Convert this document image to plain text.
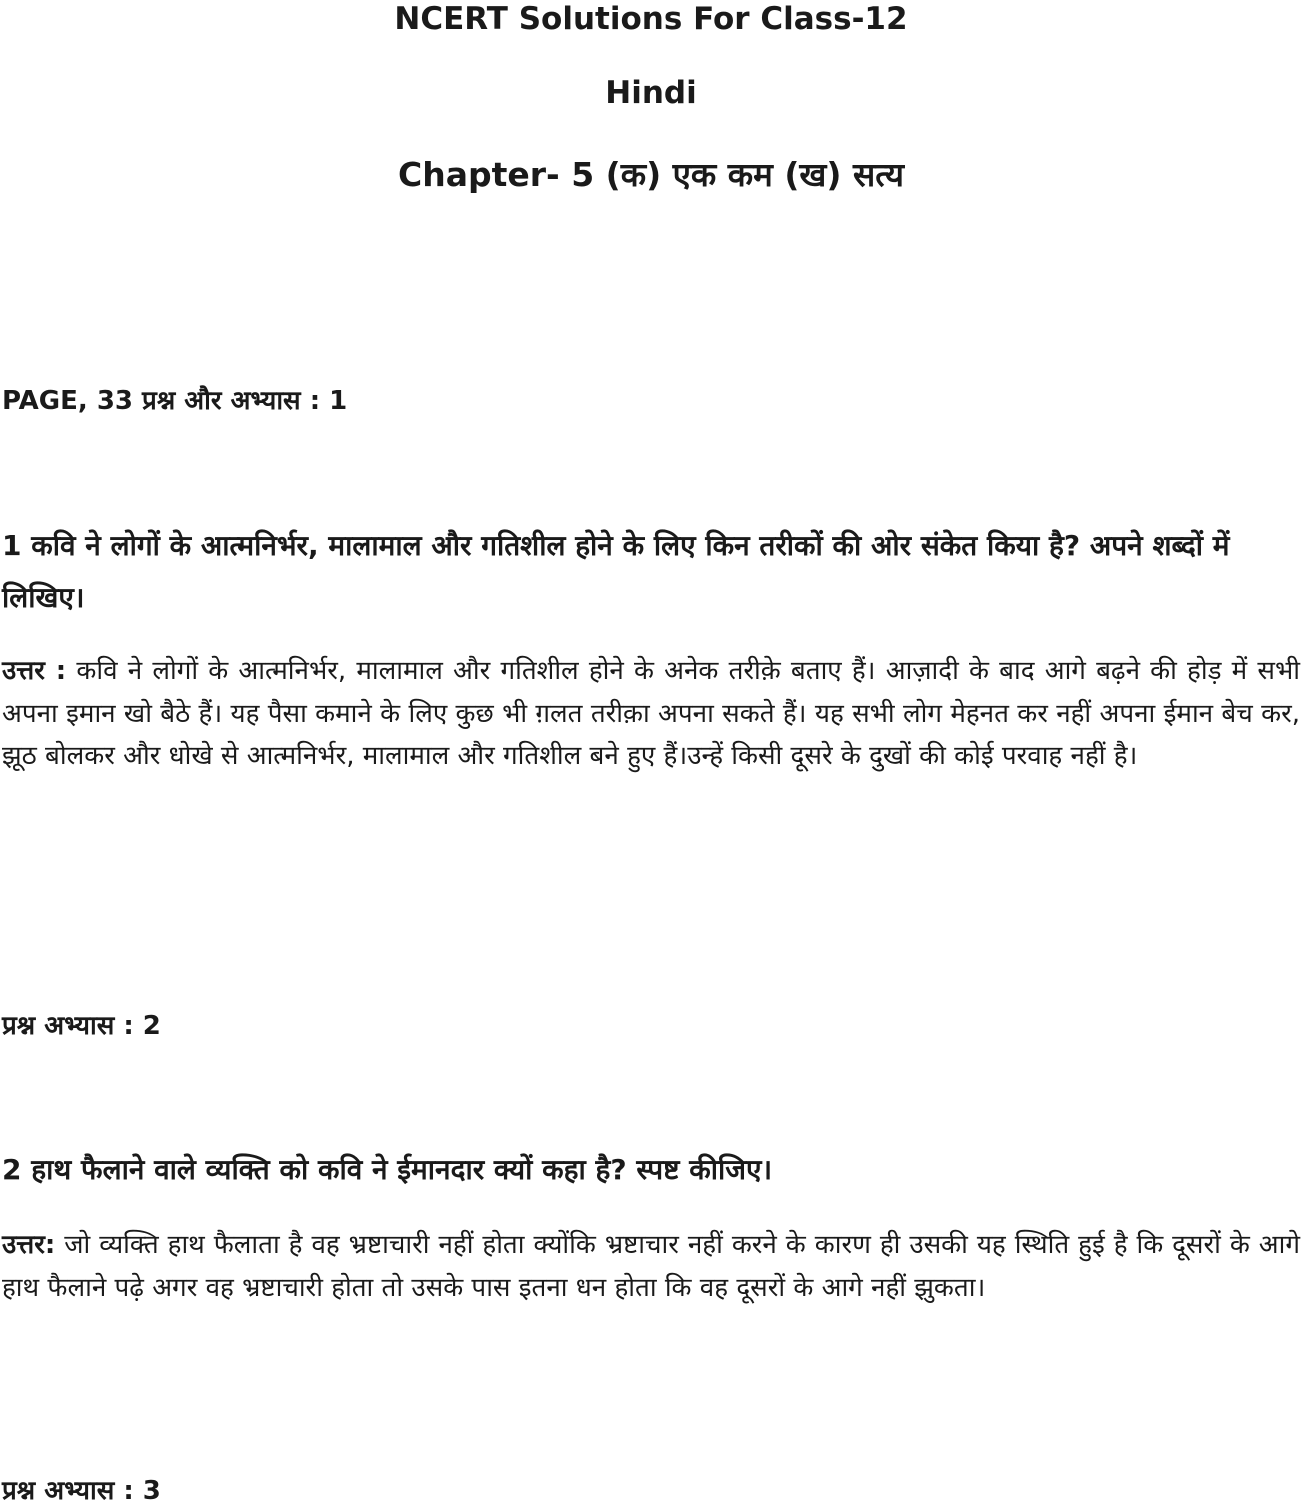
NCERT Solutions For Class-12
Hindi
Chapter- 5 (क) एक कम (ख) सत्य
PAGE, 33 प्रश्न और अभ्यास : 1
1 कवि ने लोगों के आत्मनिर्भर, मालामाल और गतिशील होने के लिए किन तरीकों की ओर संकेत किया है? अपने शब्दों में लिखिए।
उत्तर : कवि ने लोगों के आत्मनिर्भर, मालामाल और गतिशील होने के अनेक तरीक़े बताए हैं। आज़ादी के बाद आगे बढ़ने की होड़ में सभी अपना इमान खो बैठे हैं। यह पैसा कमाने के लिए कुछ भी ग़लत तरीक़ा अपना सकते हैं। यह सभी लोग मेहनत कर नहीं अपना ईमान बेच कर, झूठ बोलकर और धोखे से आत्मनिर्भर, मालामाल और गतिशील बने हुए हैं।उन्हें किसी दूसरे के दुखों की कोई परवाह नहीं है।
प्रश्न अभ्यास : 2
2 हाथ फैलाने वाले व्यक्ति को कवि ने ईमानदार क्यों कहा है? स्पष्ट कीजिए।
उत्तर: जो व्यक्ति हाथ फैलाता है वह भ्रष्टाचारी नहीं होता क्योंकि भ्रष्टाचार नहीं करने के कारण ही उसकी यह स्थिति हुई है कि दूसरों के आगे हाथ फैलाने पढ़े अगर वह भ्रष्टाचारी होता तो उसके पास इतना धन होता कि वह दूसरों के आगे नहीं झुकता।
प्रश्न अभ्यास : 3
